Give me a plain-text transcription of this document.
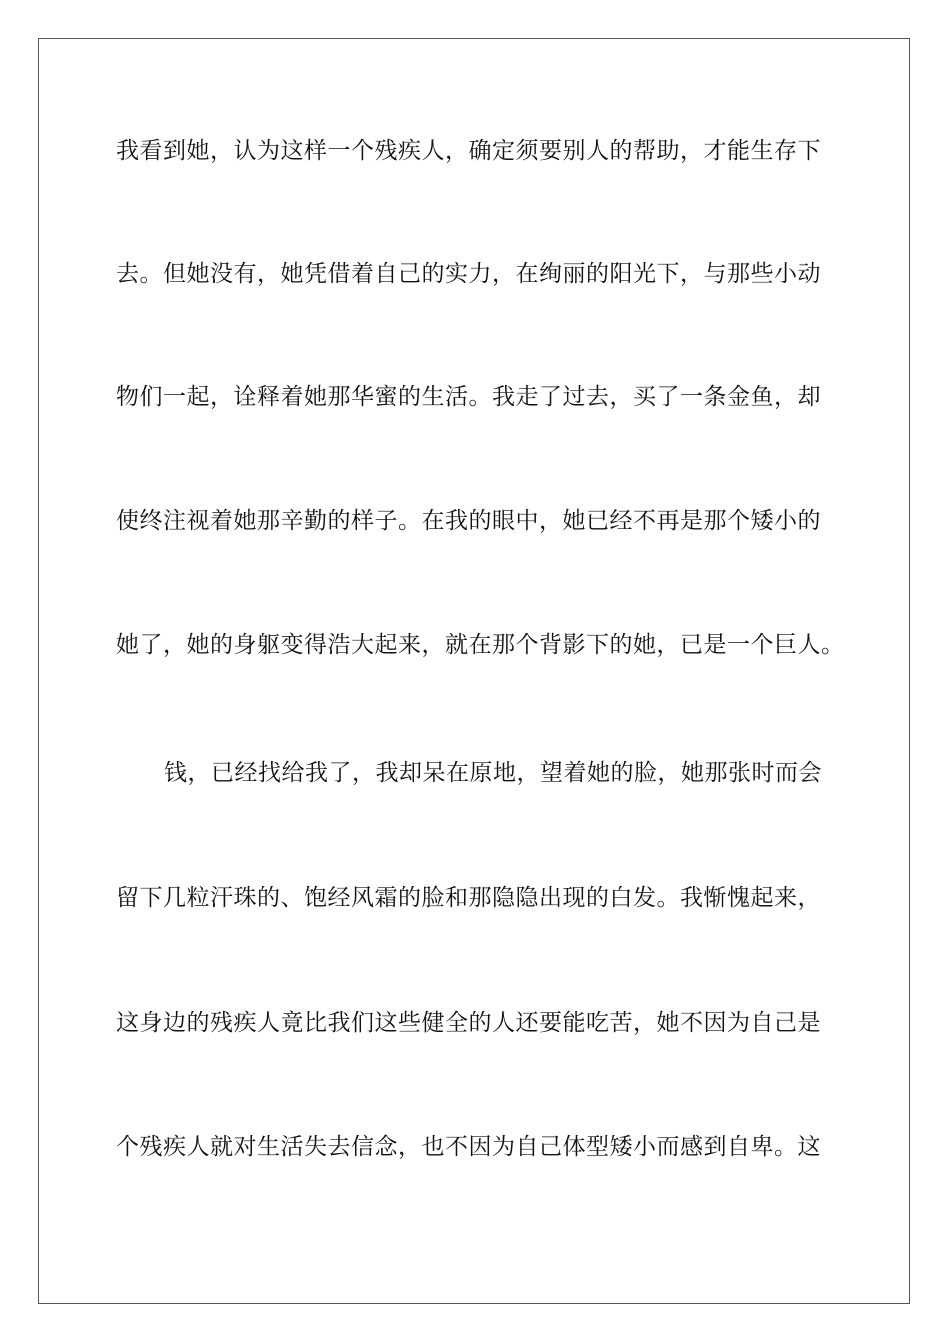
我看到她，认为这样一个残疾人，确定须要别人的帮助，才能生存下

去。但她没有，她凭借着自己的实力，在绚丽的阳光下，与那些小动

物们一起，诠释着她那华蜜的生活。我走了过去，买了一条金鱼，却

使终注视着她那辛勤的样子。在我的眼中，她已经不再是那个矮小的

她了，她的身躯变得浩大起来，就在那个背影下的她，已是一个巨人。

钱，已经找给我了，我却呆在原地，望着她的脸，她那张时而会

留下几粒汗珠的、饱经风霜的脸和那隐隐出现的白发。我惭愧起来，

这身边的残疾人竟比我们这些健全的人还要能吃苦，她不因为自己是

个残疾人就对生活失去信念，也不因为自己体型矮小而感到自卑。这
